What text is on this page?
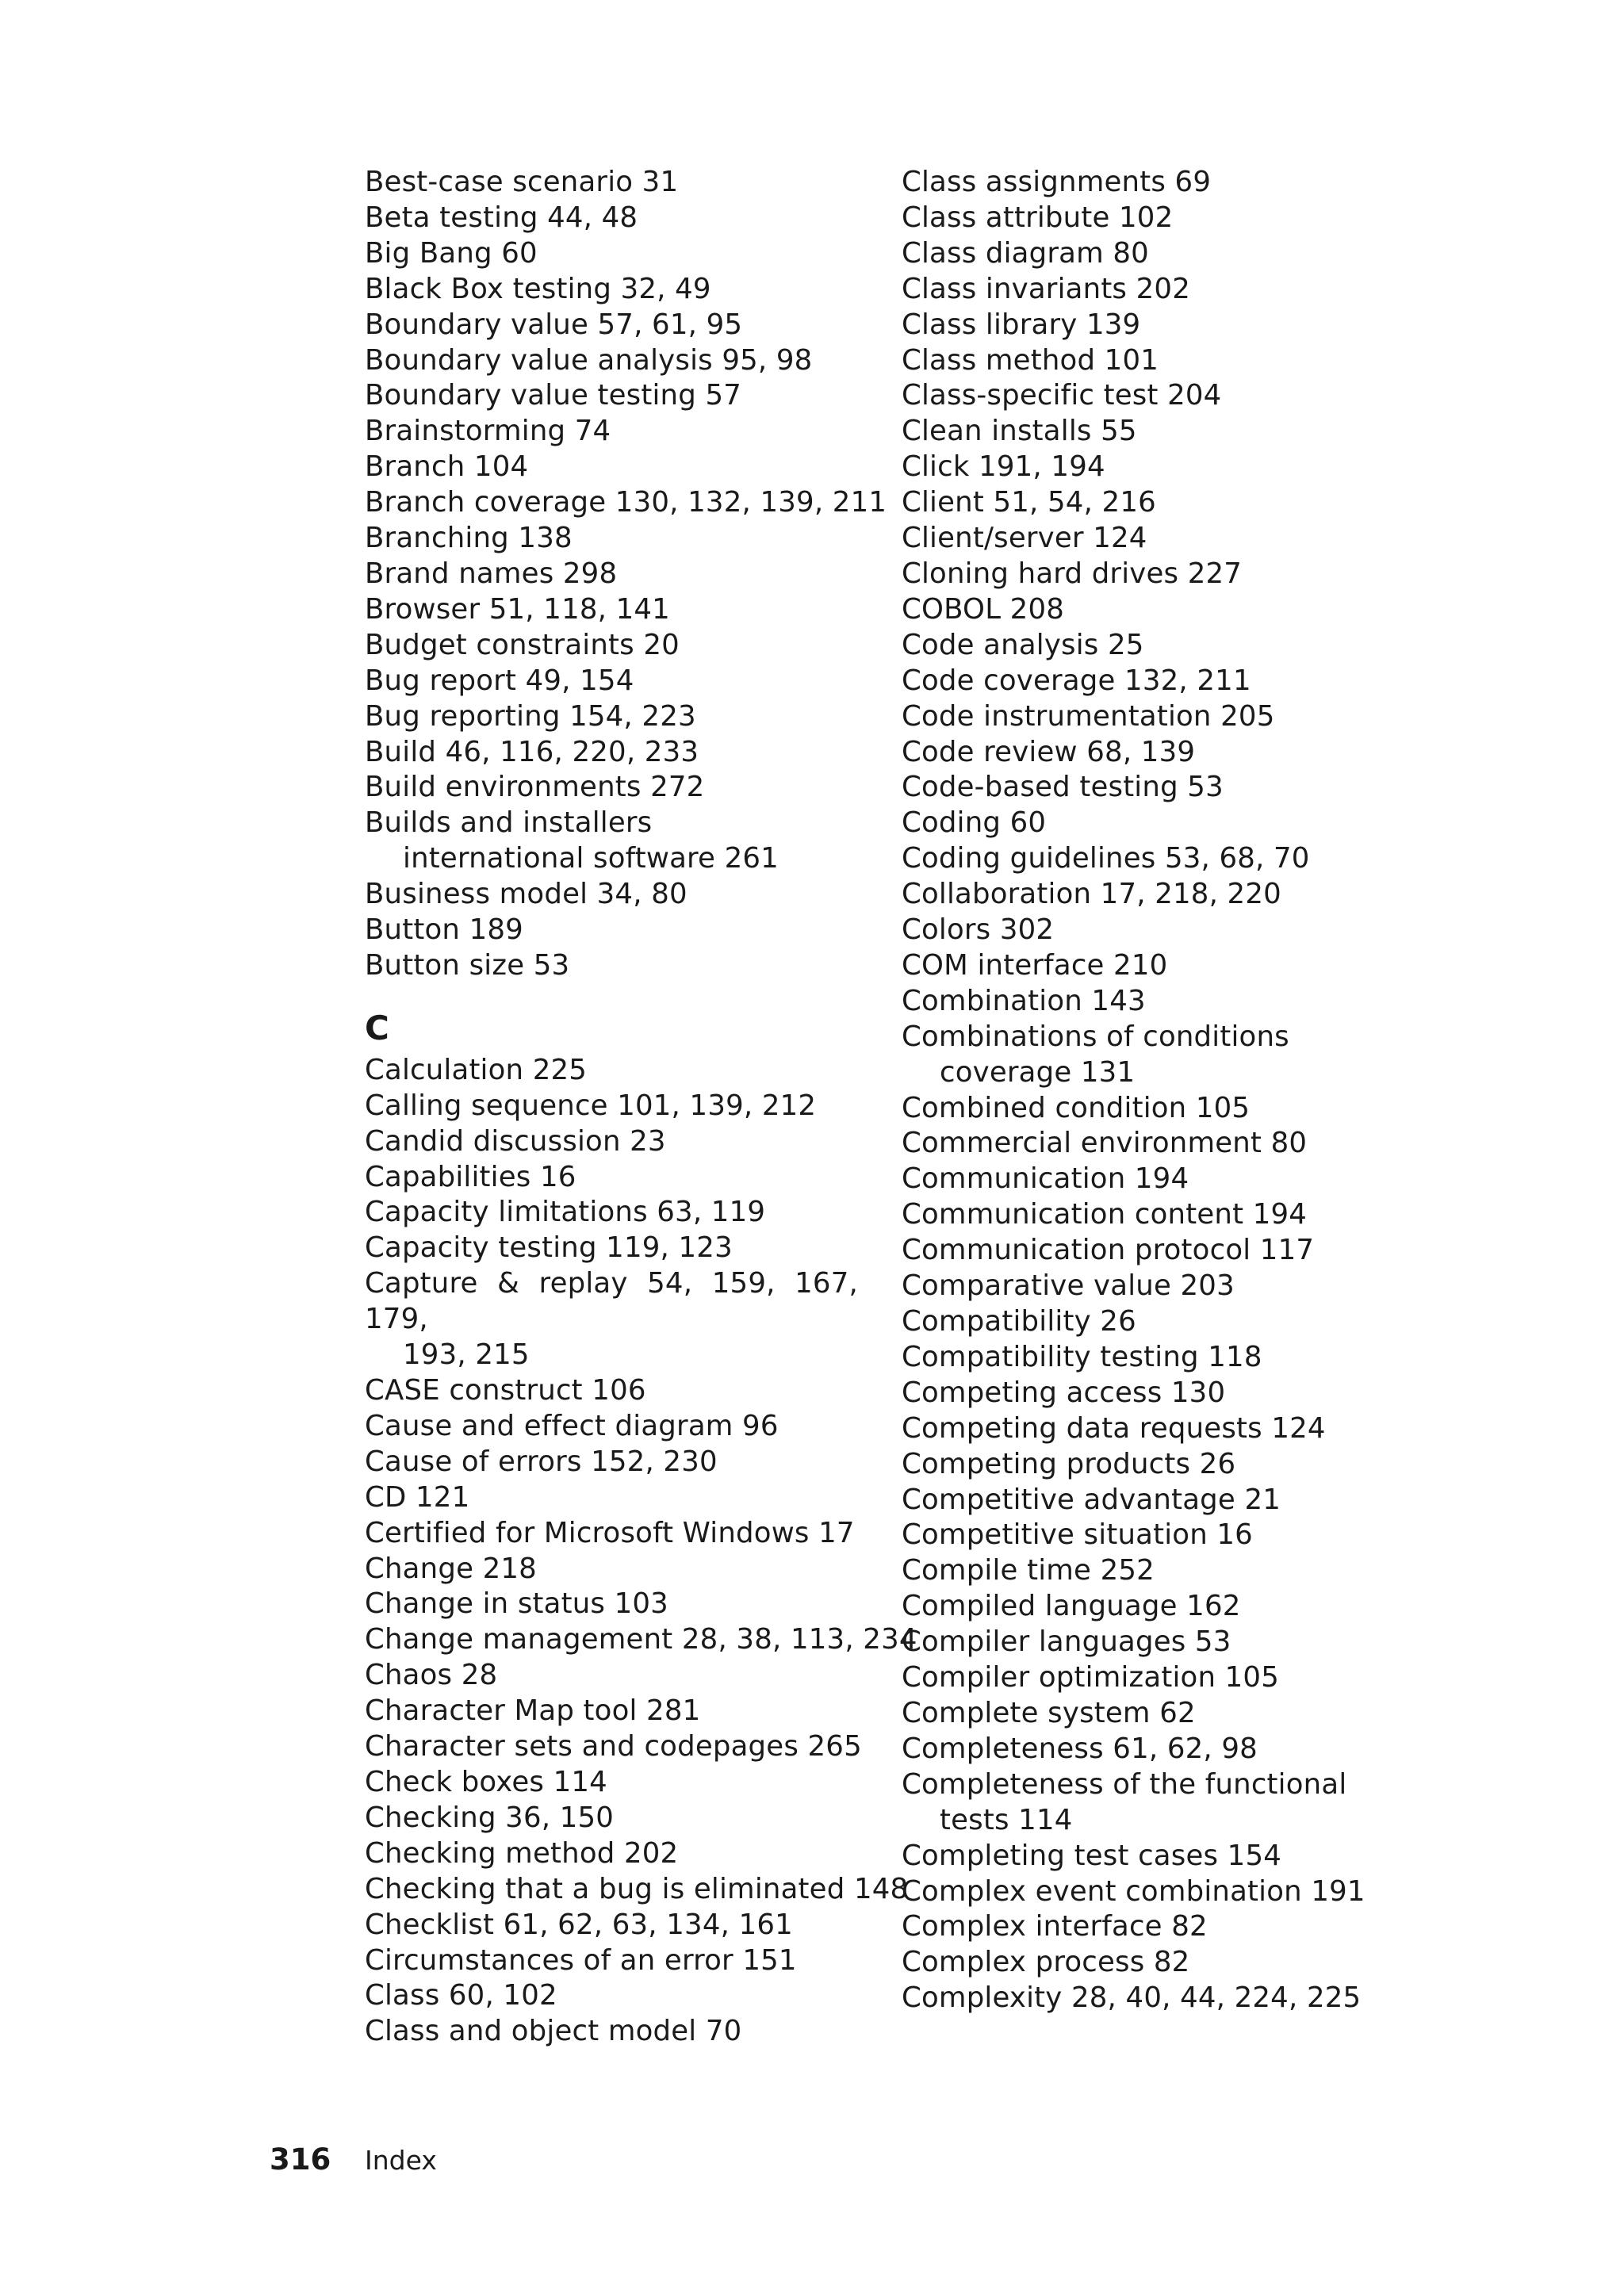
Best-case scenario 31
Beta testing 44, 48
Big Bang 60
Black Box testing 32, 49
Boundary value 57, 61, 95
Boundary value analysis 95, 98
Boundary value testing 57
Brainstorming 74
Branch 104
Branch coverage 130, 132, 139, 211
Branching 138
Brand names 298
Browser 51, 118, 141
Budget constraints 20
Bug report 49, 154
Bug reporting 154, 223
Build 46, 116, 220, 233
Build environments 272
Builds and installers
international software 261
Business model 34, 80
Button 189
Button size 53
C
Calculation 225
Calling sequence 101, 139, 212
Candid discussion 23
Capabilities 16
Capacity limitations 63, 119
Capacity testing 119, 123
Capture & replay 54, 159, 167, 179,
193, 215
CASE construct 106
Cause and effect diagram 96
Cause of errors 152, 230
CD 121
Certified for Microsoft Windows 17
Change 218
Change in status 103
Change management 28, 38, 113, 234
Chaos 28
Character Map tool 281
Character sets and codepages 265
Check boxes 114
Checking 36, 150
Checking method 202
Checking that a bug is eliminated 148
Checklist 61, 62, 63, 134, 161
Circumstances of an error 151
Class 60, 102
Class and object model 70
Class assignments 69
Class attribute 102
Class diagram 80
Class invariants 202
Class library 139
Class method 101
Class-specific test 204
Clean installs 55
Click 191, 194
Client 51, 54, 216
Client/server 124
Cloning hard drives 227
COBOL 208
Code analysis 25
Code coverage 132, 211
Code instrumentation 205
Code review 68, 139
Code-based testing 53
Coding 60
Coding guidelines 53, 68, 70
Collaboration 17, 218, 220
Colors 302
COM interface 210
Combination 143
Combinations of conditions
coverage 131
Combined condition 105
Commercial environment 80
Communication 194
Communication content 194
Communication protocol 117
Comparative value 203
Compatibility 26
Compatibility testing 118
Competing access 130
Competing data requests 124
Competing products 26
Competitive advantage 21
Competitive situation 16
Compile time 252
Compiled language 162
Compiler languages 53
Compiler optimization 105
Complete system 62
Completeness 61, 62, 98
Completeness of the functional
tests 114
Completing test cases 154
Complex event combination 191
Complex interface 82
Complex process 82
Complexity 28, 40, 44, 224, 225
316 Index
